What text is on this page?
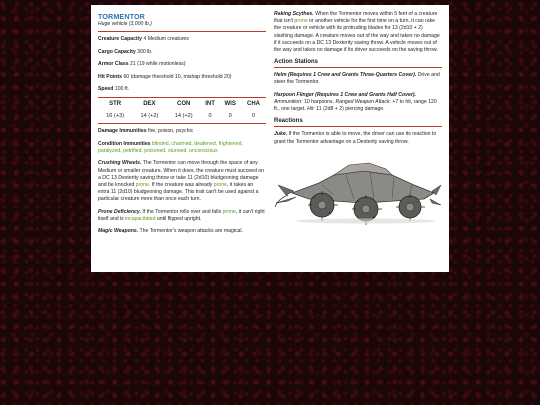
TORMENTOR
Huge vehicle (3,000 lb.)
Creature Capacity 4 Medium creatures
Cargo Capacity 300 lb.
Armor Class 21 (19 while motionless)
Hit Points 60 (damage threshold 10, mishap threshold 20)
Speed 100 ft.
STR	DEX	CON	INT	WIS	CHA
16 (+3)	14 (+2)	14 (+2)	0	0	0
Damage Immunities fire, poison, psychic
Condition Immunities blinded, charmed, deafened, frightened, paralyzed, petrified, poisoned, stunned, unconscious
Crushing Wheels. The Tormentor can move through the space of any Medium or smaller creature. When it does, the creature must succeed on a DC 13 Dexterity saving throw or take 11 (2d10) bludgeoning damage and be knocked prone. If the creature was already prone, it takes an extra 11 (2d10) bludgeoning damage. This trait can't be used against a particular creature more than once each turn.
Prone Deficiency. If the Tormentor rolls over and falls prone, it can't right itself and is incapacitated until flipped upright.
Magic Weapons. The Tormentor's weapon attacks are magical.
Raking Scythes. When the Tormentor moves within 5 feet of a creature that isn't prone or another vehicle for the first time on a turn, it can rake the creature or vehicle with its protruding blades for 13 (2d10 + 2) slashing damage. A creature moves out of the way and takes no damage if it succeeds on a DC 13 Dexterity saving throw. A vehicle moves out of the way and takes no damage if its driver succeeds on the saving throw.
Action Stations
Helm (Requires 1 Crew and Grants Three-Quarters Cover). Drive and steer the Tormentor.
Harpoon Flinger (Requires 1 Crew and Grants Half Cover).
Ammunition: 10 harpoons. Ranged Weapon Attack: +7 to hit, range 120 ft., one target. Hit: 11 (2d8 + 2) piercing damage.
Reactions
Juke. If the Tormentor is able to move, the driver can use its reaction to grant the Tormentor advantage on a Dexterity saving throw.
